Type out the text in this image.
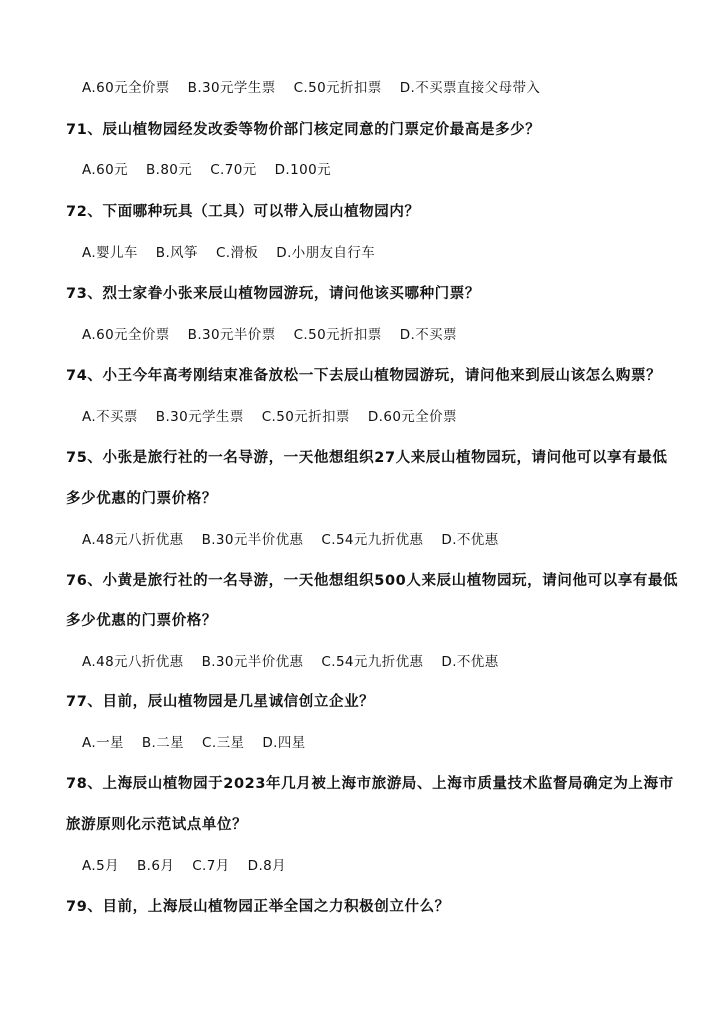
A.60元全价票 B.30元学生票 C.50元折扣票 D.不买票直接父母带入
71、辰山植物园经发改委等物价部门核定同意的门票定价最高是多少？
A.60元 B.80元 C.70元 D.100元
72、下面哪种玩具（工具）可以带入辰山植物园内？
A.婴儿车 B.风筝 C.滑板 D.小朋友自行车
73、烈士家眷小张来辰山植物园游玩，请问他该买哪种门票？
A.60元全价票 B.30元半价票 C.50元折扣票 D.不买票
74、小王今年高考刚结束准备放松一下去辰山植物园游玩，请问他来到辰山该怎么购票？
A.不买票 B.30元学生票 C.50元折扣票 D.60元全价票
75、小张是旅行社的一名导游，一天他想组织27人来辰山植物园玩，请问他可以享有最低
多少优惠的门票价格？
A.48元八折优惠 B.30元半价优惠 C.54元九折优惠 D.不优惠
76、小黄是旅行社的一名导游，一天他想组织500人来辰山植物园玩，请问他可以享有最低
多少优惠的门票价格？
A.48元八折优惠 B.30元半价优惠 C.54元九折优惠 D.不优惠
77、目前，辰山植物园是几星诚信创立企业？
A.一星 B.二星 C.三星 D.四星
78、上海辰山植物园于2023年几月被上海市旅游局、上海市质量技术监督局确定为上海市
旅游原则化示范试点单位？
A.5月 B.6月 C.7月 D.8月
79、目前，上海辰山植物园正举全国之力积极创立什么？
